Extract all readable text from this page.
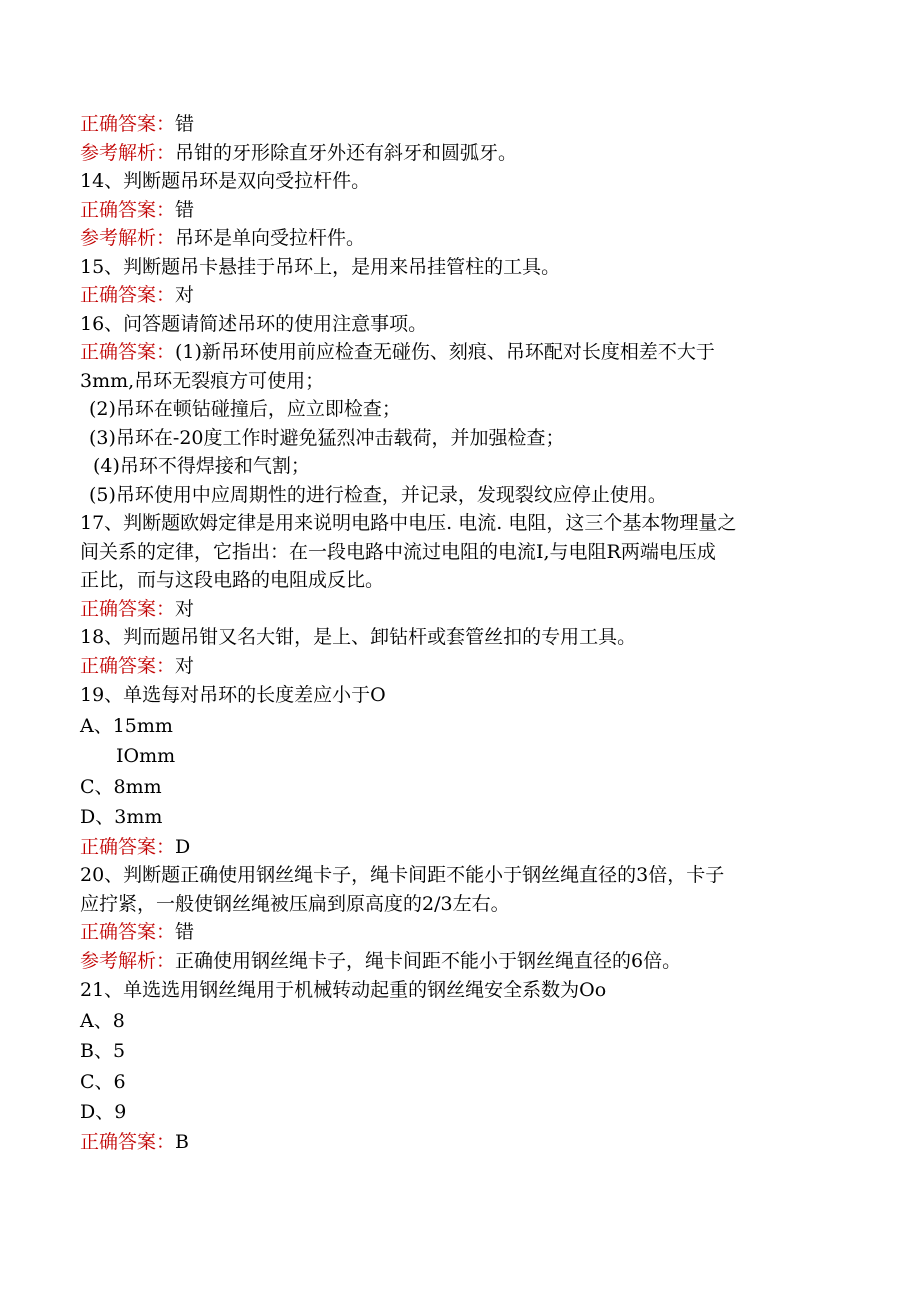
正确答案：错
参考解析：吊钳的牙形除直牙外还有斜牙和圆弧牙。
14、判断题吊环是双向受拉杆件。
正确答案：错
参考解析：吊环是单向受拉杆件。
15、判断题吊卡悬挂于吊环上，是用来吊挂管柱的工具。
正确答案：对
16、问答题请简述吊环的使用注意事项。
正确答案：(1)新吊环使用前应检查无碰伤、刻痕、吊环配对长度相差不大于
3mm,吊环无裂痕方可使用；
(2)吊环在顿钻碰撞后，应立即检查；
(3)吊环在-20度工作时避免猛烈冲击载荷，并加强检查；
(4)吊环不得焊接和气割；
(5)吊环使用中应周期性的进行检查，并记录，发现裂纹应停止使用。
17、判断题欧姆定律是用来说明电路中电压. 电流. 电阻，这三个基本物理量之
间关系的定律，它指出：在一段电路中流过电阻的电流I,与电阻R两端电压成
正比，而与这段电路的电阻成反比。
正确答案：对
18、判而题吊钳又名大钳，是上、卸钻杆或套管丝扣的专用工具。
正确答案：对
19、单选每对吊环的长度差应小于O
A、15mm
IOmm
C、8mm
D、3mm
正确答案：D
20、判断题正确使用钢丝绳卡子，绳卡间距不能小于钢丝绳直径的3倍，卡子
应拧紧，一般使钢丝绳被压扁到原高度的2/3左右。
正确答案：错
参考解析：正确使用钢丝绳卡子，绳卡间距不能小于钢丝绳直径的6倍。
21、单选选用钢丝绳用于机械转动起重的钢丝绳安全系数为Oo
A、8
B、5
C、6
D、9
正确答案：B
